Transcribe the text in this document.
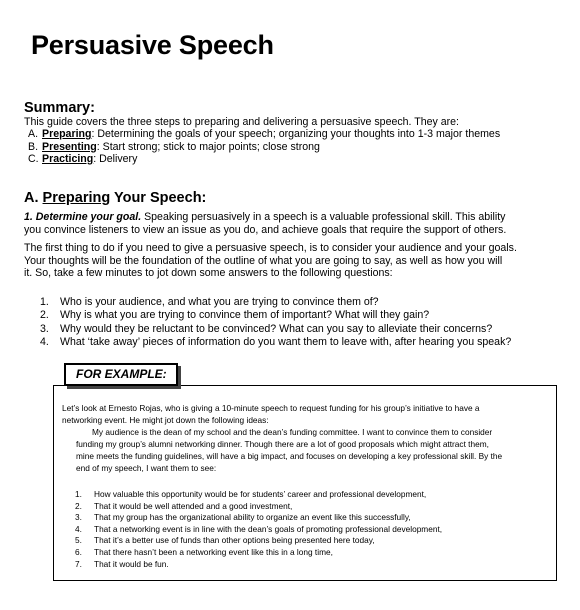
Persuasive Speech
Summary:

This guide covers the three steps to preparing and delivering a persuasive speech. They are:

A. Preparing: Determining the goals of your speech; organizing your thoughts into 1-3 major themes
B. Presenting: Start strong; stick to major points; close strong
C. Practicing: Delivery
A. Preparing Your Speech:

1. Determine your goal. Speaking persuasively in a speech is a valuable professional skill. This ability

you convince listeners to view an issue as you do, and achieve goals that require the support of others.

The first thing to do if you need to give a persuasive speech, is to consider your audience and your goals.

Your thoughts will be the foundation of the outline of what you are going to say, as well as how you will

it. So, take a few minutes to jot down some answers to the following questions:

1. Who is your audience, and what you are trying to convince them of?
2. Why is what you are trying to convince them of important? What will they gain?
3. Why would they be reluctant to be convinced? What can you say to alleviate their concerns?
4. What ‘take away’ pieces of information do you want them to leave with, after hearing you speak?
FOR EXAMPLE:

Let’s look at Ernesto Rojas, who is giving a 10-minute speech to request funding for his group’s initiative to have a

networking event. He might jot down the following ideas:

My audience is the dean of my school and the dean’s funding committee. I want to convince them to consider

funding my group’s alumni networking dinner. Though there are a lot of good proposals which might attract them,

mine meets the funding guidelines, will have a big impact, and focuses on developing a key professional skill. By the

end of my speech, I want them to see:

1. How valuable this opportunity would be for students’ career and professional development,
2. That it would be well attended and a good investment,
3. That my group has the organizational ability to organize an event like this successfully,
4. That a networking event is in line with the dean’s goals of promoting professional development,
5. That it’s a better use of funds than other options being presented here today,
6. That there hasn’t been a networking event like this in a long time,
7. That it would be fun.
